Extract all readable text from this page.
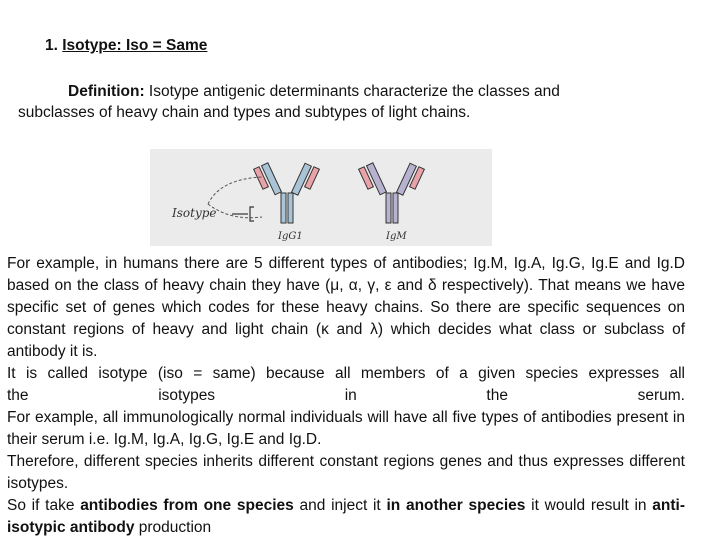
1. Isotype: Iso = Same

Definition: Isotype antigenic determinants characterize the classes and
subclasses of heavy chain and types and subtypes of light chains.

Isotype
IgG1	IgM

For example, in humans there are 5 different types of antibodies; Ig.M, Ig.A, Ig.G, Ig.E and Ig.D based on the class of heavy chain they have (μ, α, γ, ε and δ respectively). That means we have specific set of genes which codes for these heavy chains. So there are specific sequences on constant regions of heavy and light chain (κ and λ) which decides what class or subclass of antibody it is.

It is called isotype (iso = same) because all members of a given species expresses all

the isotypes in the serum.

For example, all immunologically normal individuals will have all five types of antibodies present in their serum i.e. Ig.M, Ig.A, Ig.G, Ig.E and Ig.D.

Therefore, different species inherits different constant regions genes and thus expresses different isotypes.

So if take antibodies from one species and inject it in another species it would result in anti-isotypic antibody production
